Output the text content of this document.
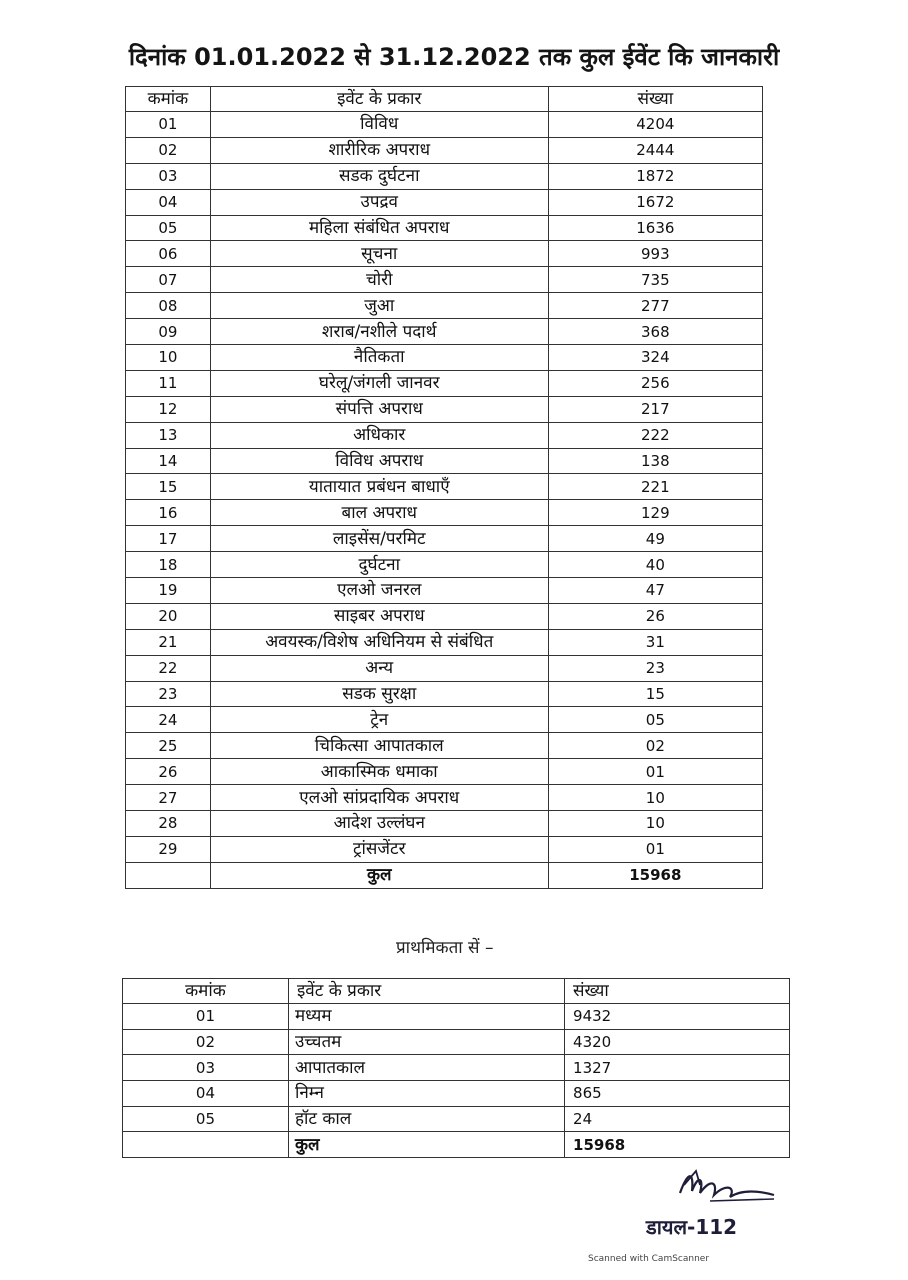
दिनांक 01.01.2022 से 31.12.2022 तक कुल ईवेंट कि जानकारी
कमांक	इवेंट के प्रकार	संख्या
01	विविध	4204
02	शारीरिक अपराध	2444
03	सडक दुर्घटना	1872
04	उपद्रव	1672
05	महिला संबंधित अपराध	1636
06	सूचना	993
07	चोरी	735
08	जुआ	277
09	शराब/नशीले पदार्थ	368
10	नैतिकता	324
11	घरेलू/जंगली जानवर	256
12	संपत्ति अपराध	217
13	अधिकार	222
14	विविध अपराध	138
15	यातायात प्रबंधन बाधाएँ	221
16	बाल अपराध	129
17	लाइसेंस/परमिट	49
18	दुर्घटना	40
19	एलओ जनरल	47
20	साइबर अपराध	26
21	अवयस्क/विशेष अधिनियम से संबंधित	31
22	अन्य	23
23	सडक सुरक्षा	15
24	ट्रेन	05
25	चिकित्सा आपातकाल	02
26	आकास्मिक धमाका	01
27	एलओ सांप्रदायिक अपराध	10
28	आदेश उल्लंघन	10
29	ट्रांसजेंटर	01
	कुल	15968
प्राथमिकता सें –
कमांक	इवेंट के प्रकार	संख्या
01	मध्यम	9432
02	उच्चतम	4320
03	आपातकाल	1327
04	निम्न	865
05	हॉट काल	24
	कुल	15968
डायल-112
Scanned with CamScanner
